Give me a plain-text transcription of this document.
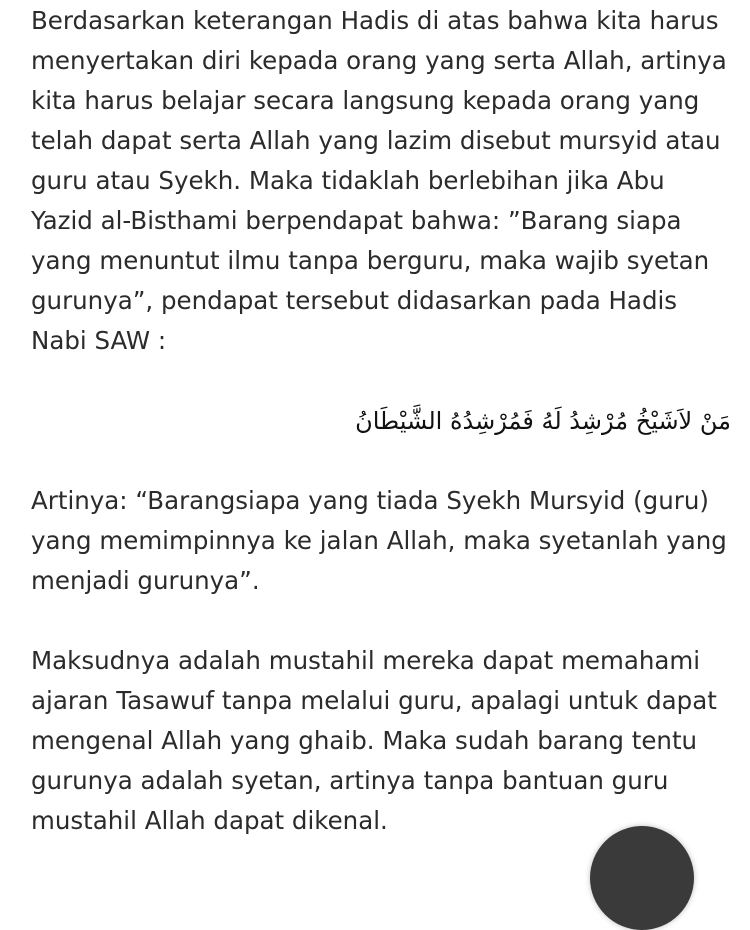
Berdasarkan keterangan Hadis di atas bahwa kita harus menyertakan diri kepada orang yang serta Allah, artinya kita harus belajar secara langsung kepada orang yang telah dapat serta Allah yang lazim disebut mursyid atau guru atau Syekh. Maka tidaklah berlebihan jika Abu Yazid al-Bisthami berpendapat bahwa: ”Barang siapa yang menuntut ilmu tanpa berguru, maka wajib syetan gurunya”, pendapat tersebut didasarkan pada Hadis Nabi SAW :

مَنْ لاَشَيْخُ مُرْشِدُ لَهُ فَمُرْشِدُهُ الشَّيْطَانُ

Artinya: “Barangsiapa yang tiada Syekh Mursyid (guru) yang memimpinnya ke jalan Allah, maka syetanlah yang menjadi gurunya”.

Maksudnya adalah mustahil mereka dapat memahami ajaran Tasawuf tanpa melalui guru, apalagi untuk dapat mengenal Allah yang ghaib. Maka sudah barang tentu gurunya adalah syetan, artinya tanpa bantuan guru mustahil Allah dapat dikenal.
